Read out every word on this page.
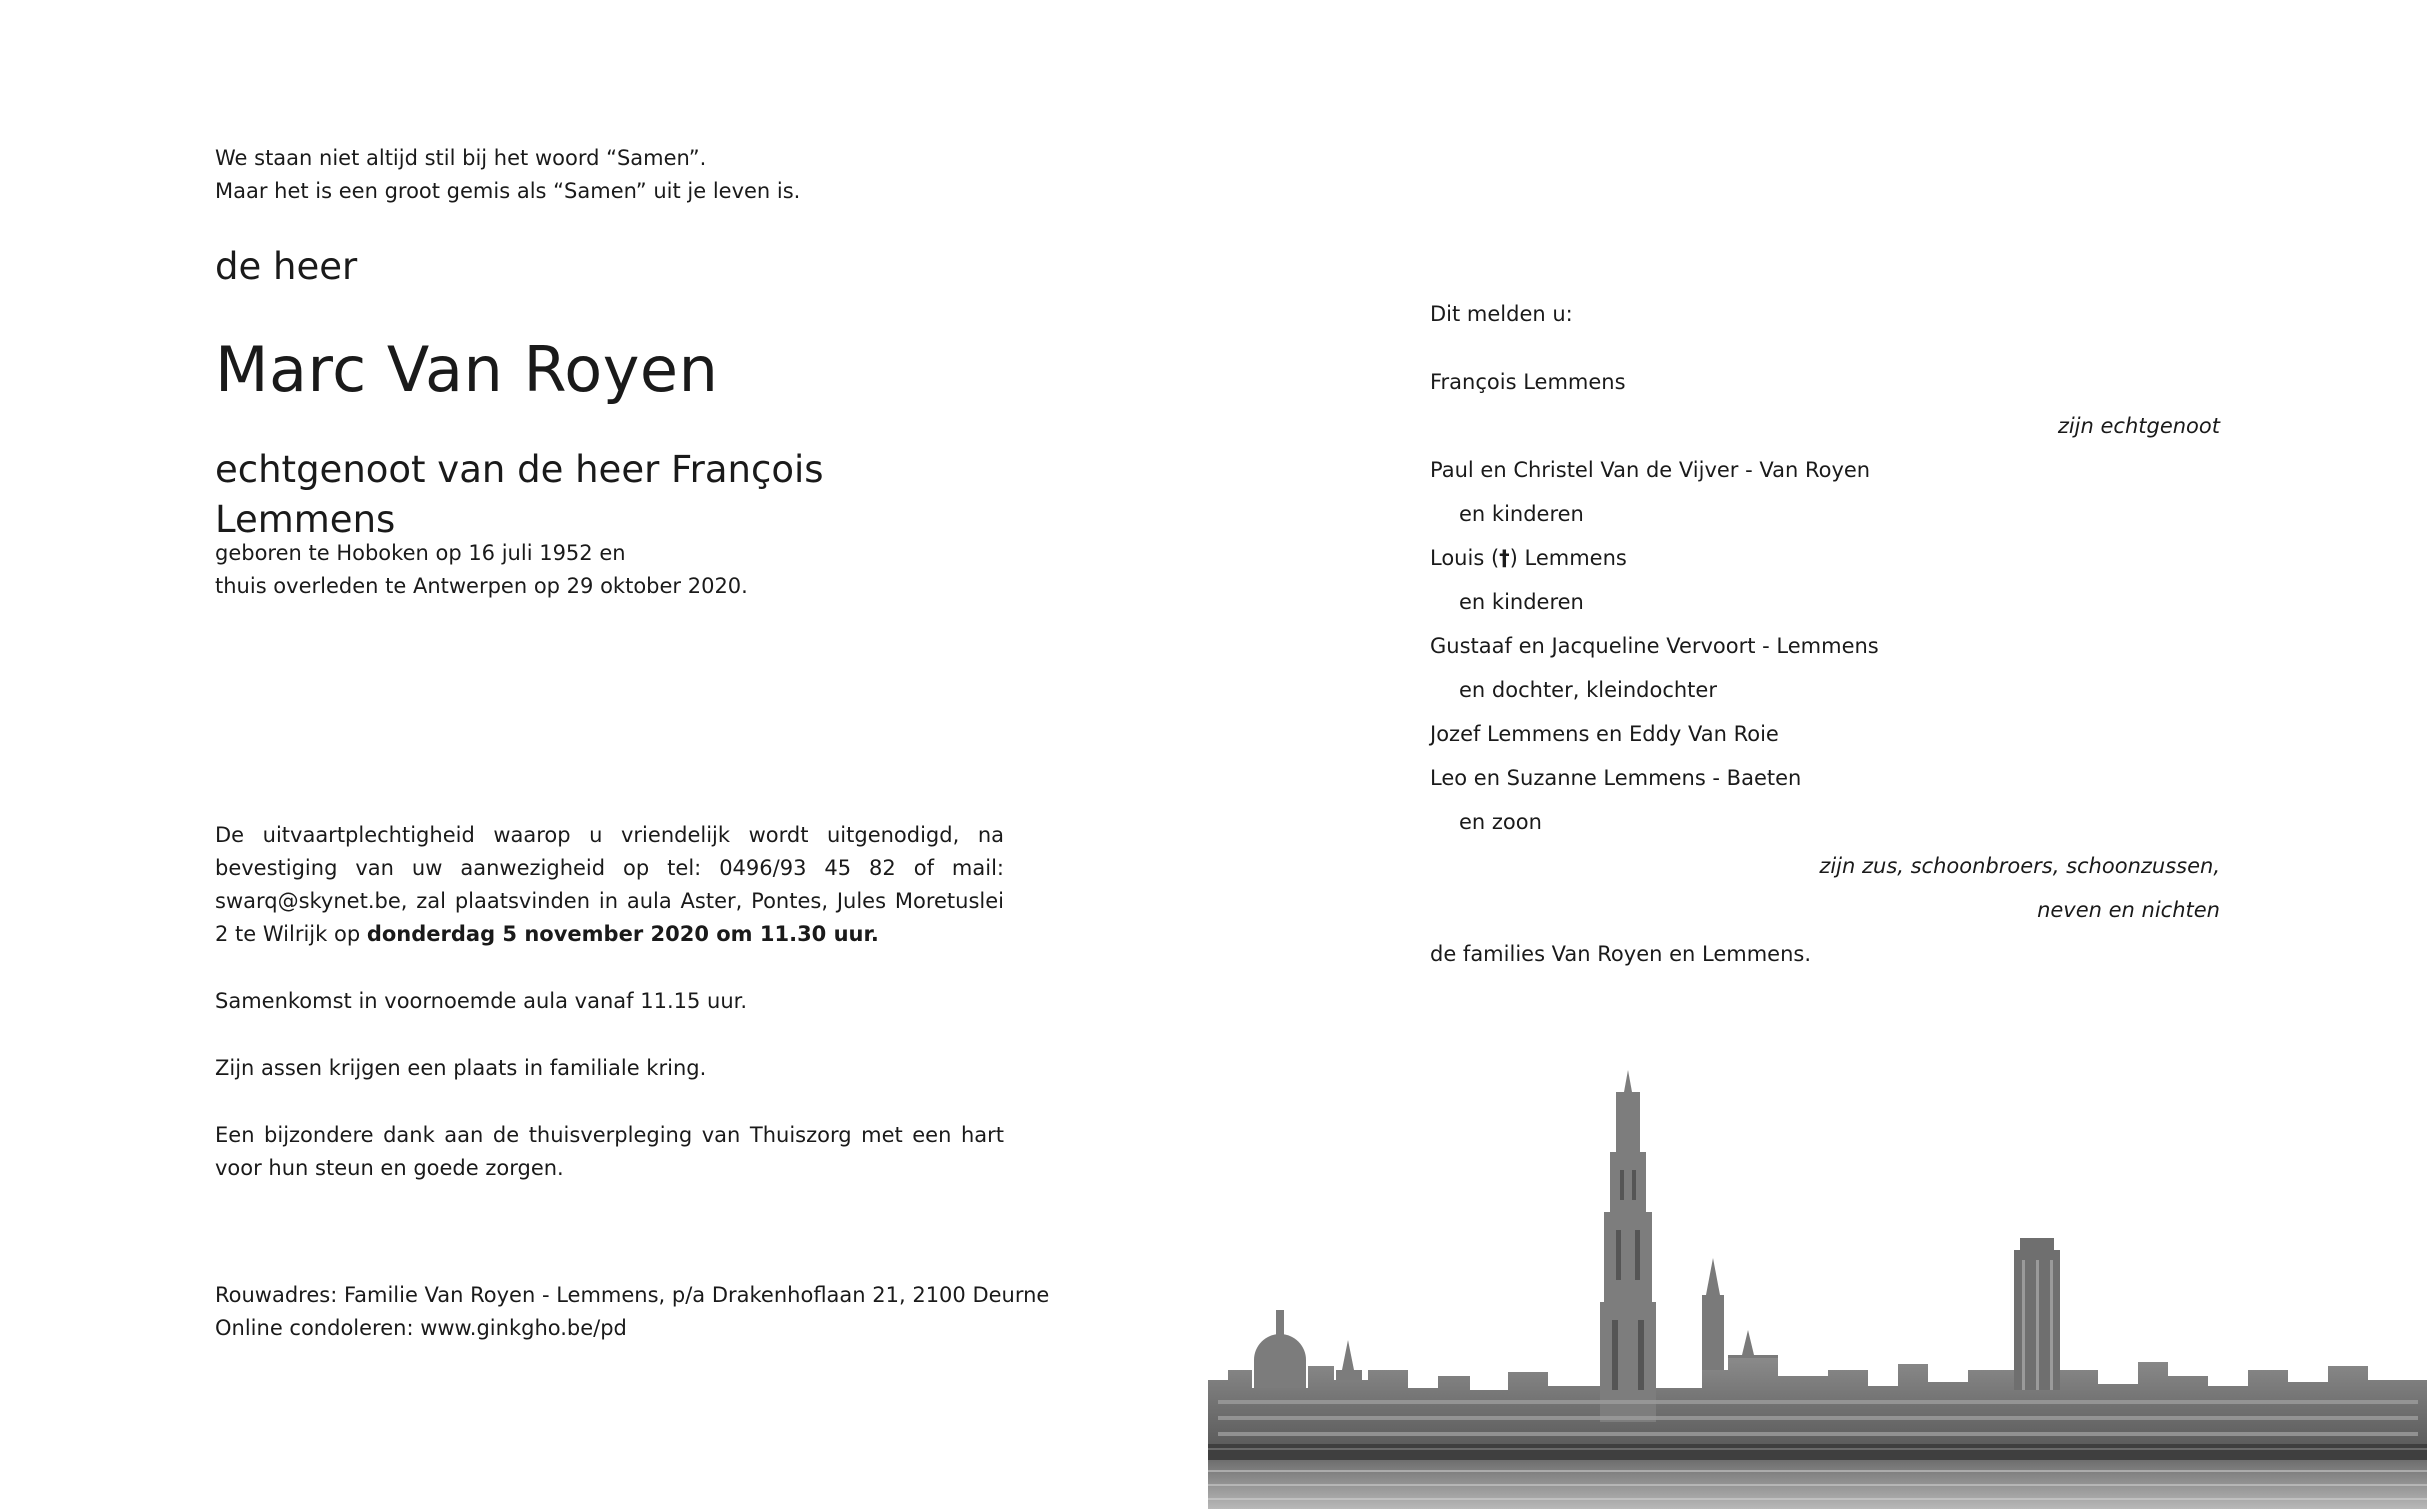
We staan niet altijd stil bij het woord “Samen”.
Maar het is een groot gemis als “Samen” uit je leven is.
de heer
Marc Van Royen
echtgenoot van de heer François Lemmens
geboren te Hoboken op 16 juli 1952 en
thuis overleden te Antwerpen op 29 oktober 2020.
De uitvaartplechtigheid waarop u vriendelijk wordt uitgenodigd, na bevestiging van uw aanwezigheid op tel: 0496/93 45 82 of mail: swarq@skynet.be, zal plaatsvinden in aula Aster, Pontes, Jules Moretuslei 2 te Wilrijk op donderdag 5 november 2020 om 11.30 uur.
Samenkomst in voornoemde aula vanaf 11.15 uur.
Zijn assen krijgen een plaats in familiale kring.
Een bijzondere dank aan de thuisverpleging van Thuiszorg met een hart voor hun steun en goede zorgen.
Rouwadres: Familie Van Royen - Lemmens, p/a Drakenhoflaan 21, 2100 Deurne
Online condoleren: www.ginkgho.be/pd
Dit melden u:
François Lemmens
zijn echtgenoot
Paul en Christel Van de Vijver - Van Royen
en kinderen
Louis (†) Lemmens
en kinderen
Gustaaf en Jacqueline Vervoort - Lemmens
en dochter, kleindochter
Jozef Lemmens en Eddy Van Roie
Leo en Suzanne Lemmens - Baeten
en zoon
zijn zus, schoonbroers, schoonzussen,
neven en nichten
de families Van Royen en Lemmens.
